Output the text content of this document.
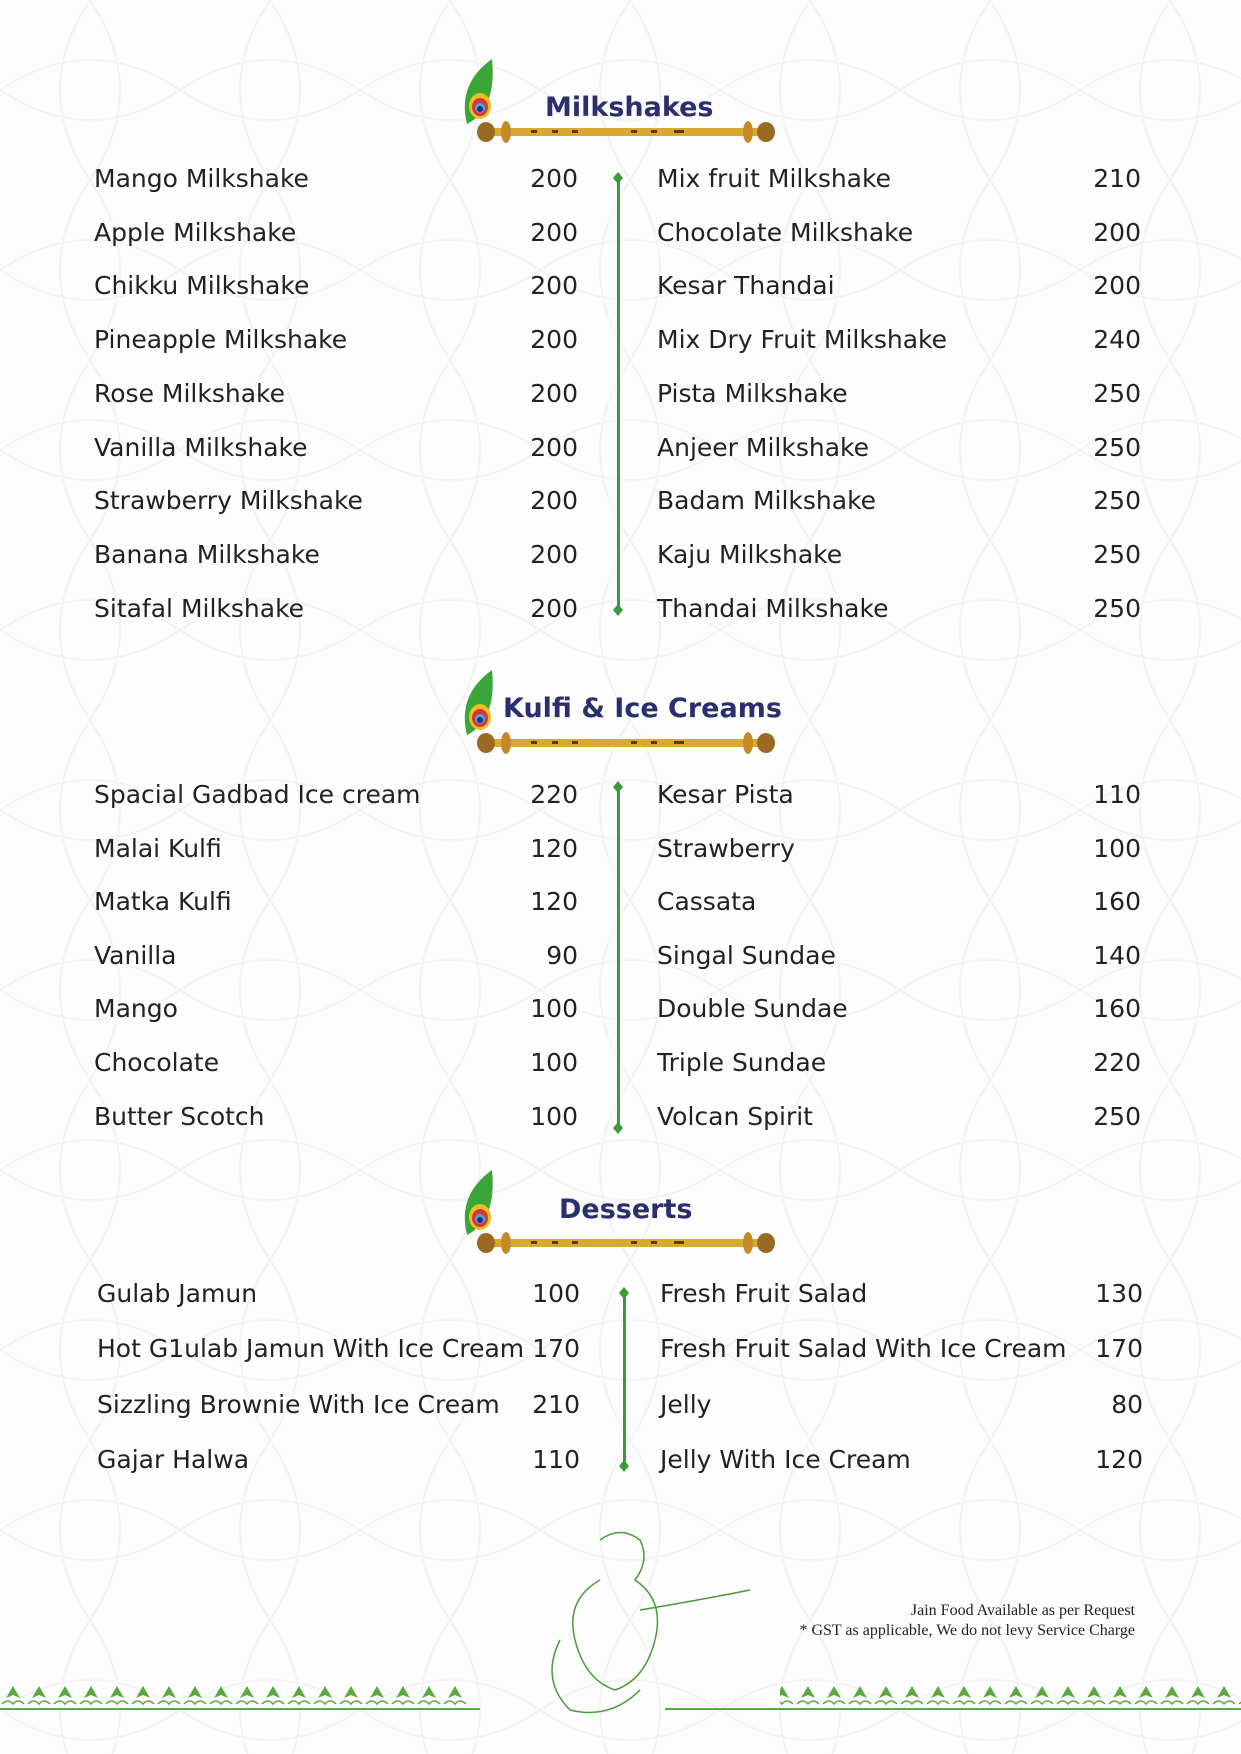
Milkshakes
Mango Milkshake	200
Apple Milkshake	200
Chikku Milkshake	200
Pineapple Milkshake	200
Rose Milkshake	200
Vanilla Milkshake	200
Strawberry Milkshake	200
Banana Milkshake	200
Sitafal Milkshake	200
Mix fruit Milkshake	210
Chocolate Milkshake	200
Kesar Thandai	200
Mix Dry Fruit Milkshake	240
Pista Milkshake	250
Anjeer Milkshake	250
Badam Milkshake	250
Kaju Milkshake	250
Thandai Milkshake	250
Kulfi & Ice Creams
Spacial Gadbad Ice cream	220
Malai Kulfi	120
Matka Kulfi	120
Vanilla	90
Mango	100
Chocolate	100
Butter Scotch	100
Kesar Pista	110
Strawberry	100
Cassata	160
Singal Sundae	140
Double Sundae	160
Triple Sundae	220
Volcan Spirit	250
Desserts
Gulab Jamun	100
Hot G1ulab Jamun With Ice Cream 170
Sizzling Brownie With Ice Cream 210
Gajar Halwa	110
Fresh Fruit Salad	130
Fresh Fruit Salad With Ice Cream 170
Jelly	80
Jelly With Ice Cream	120
Jain Food Available as per Request
* GST as applicable, We do not levy Service Charge
